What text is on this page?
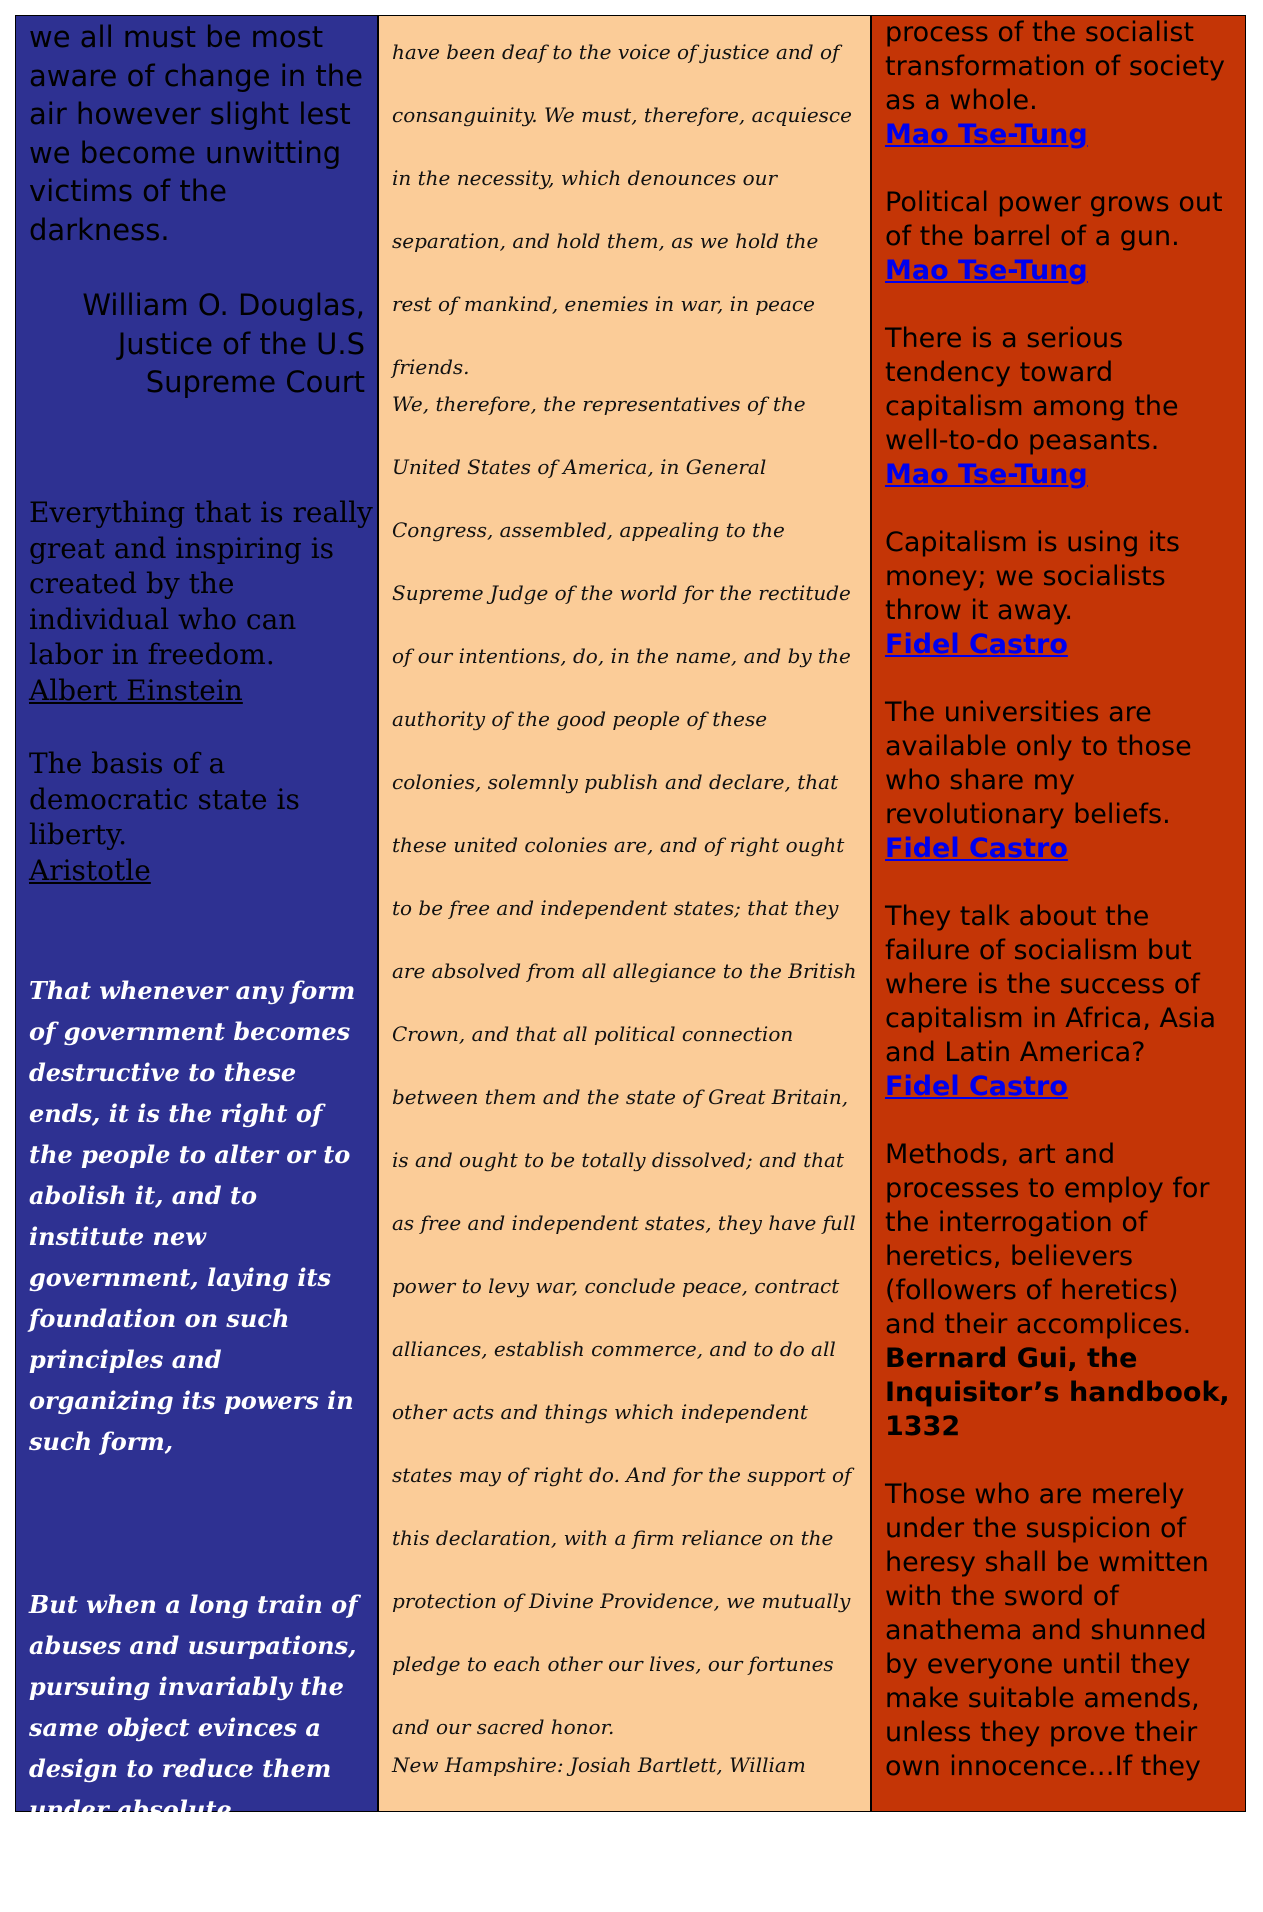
we all must be most aware of change in the air however slight lest we become unwitting victims of the darkness.
William O. Douglas, Justice of the U.S Supreme Court
Everything that is really great and inspiring is created by the individual who can labor in freedom.
Albert Einstein
The basis of a democratic state is liberty.
Aristotle
That whenever any form of government becomes destructive to these ends, it is the right of the people to alter or to abolish it, and to institute new government, laying its foundation on such principles and organizing its powers in such form,
But when a long train of abuses and usurpations, pursuing invariably the same object evinces a design to reduce them under absolute despotism, it is their right, it
have been deaf to the voice of justice and of consanguinity. We must, therefore, acquiesce in the necessity, which denounces our separation, and hold them, as we hold the rest of mankind, enemies in war, in peace friends.
We, therefore, the representatives of the United States of America, in General Congress, assembled, appealing to the Supreme Judge of the world for the rectitude of our intentions, do, in the name, and by the authority of the good people of these colonies, solemnly publish and declare, that these united colonies are, and of right ought to be free and independent states; that they are absolved from all allegiance to the British Crown, and that all political connection between them and the state of Great Britain, is and ought to be totally dissolved; and that as free and independent states, they have full power to levy war, conclude peace, contract alliances, establish commerce, and to do all other acts and things which independent states may of right do. And for the support of this declaration, with a firm reliance on the protection of Divine Providence, we mutually pledge to each other our lives, our fortunes and our sacred honor.
New Hampshire: Josiah Bartlett, William
process of the socialist transformation of society as a whole.
Mao Tse-Tung
Political power grows out of the barrel of a gun.
Mao Tse-Tung
There is a serious tendency toward capitalism among the well-to-do peasants.
Mao Tse-Tung
Capitalism is using its money; we socialists throw it away.
Fidel Castro
The universities are available only to those who share my revolutionary beliefs.
Fidel Castro
They talk about the failure of socialism but where is the success of capitalism in Africa, Asia and Latin America?
Fidel Castro
Methods, art and processes to employ for the interrogation of heretics, believers (followers of heretics) and their accomplices.
Bernard Gui, the Inquisitor’s handbook, 1332
Those who are merely under the suspicion of heresy shall be wmitten with the sword of anathema and shunned by everyone until they make suitable amends, unless they prove their own innocence…If they
